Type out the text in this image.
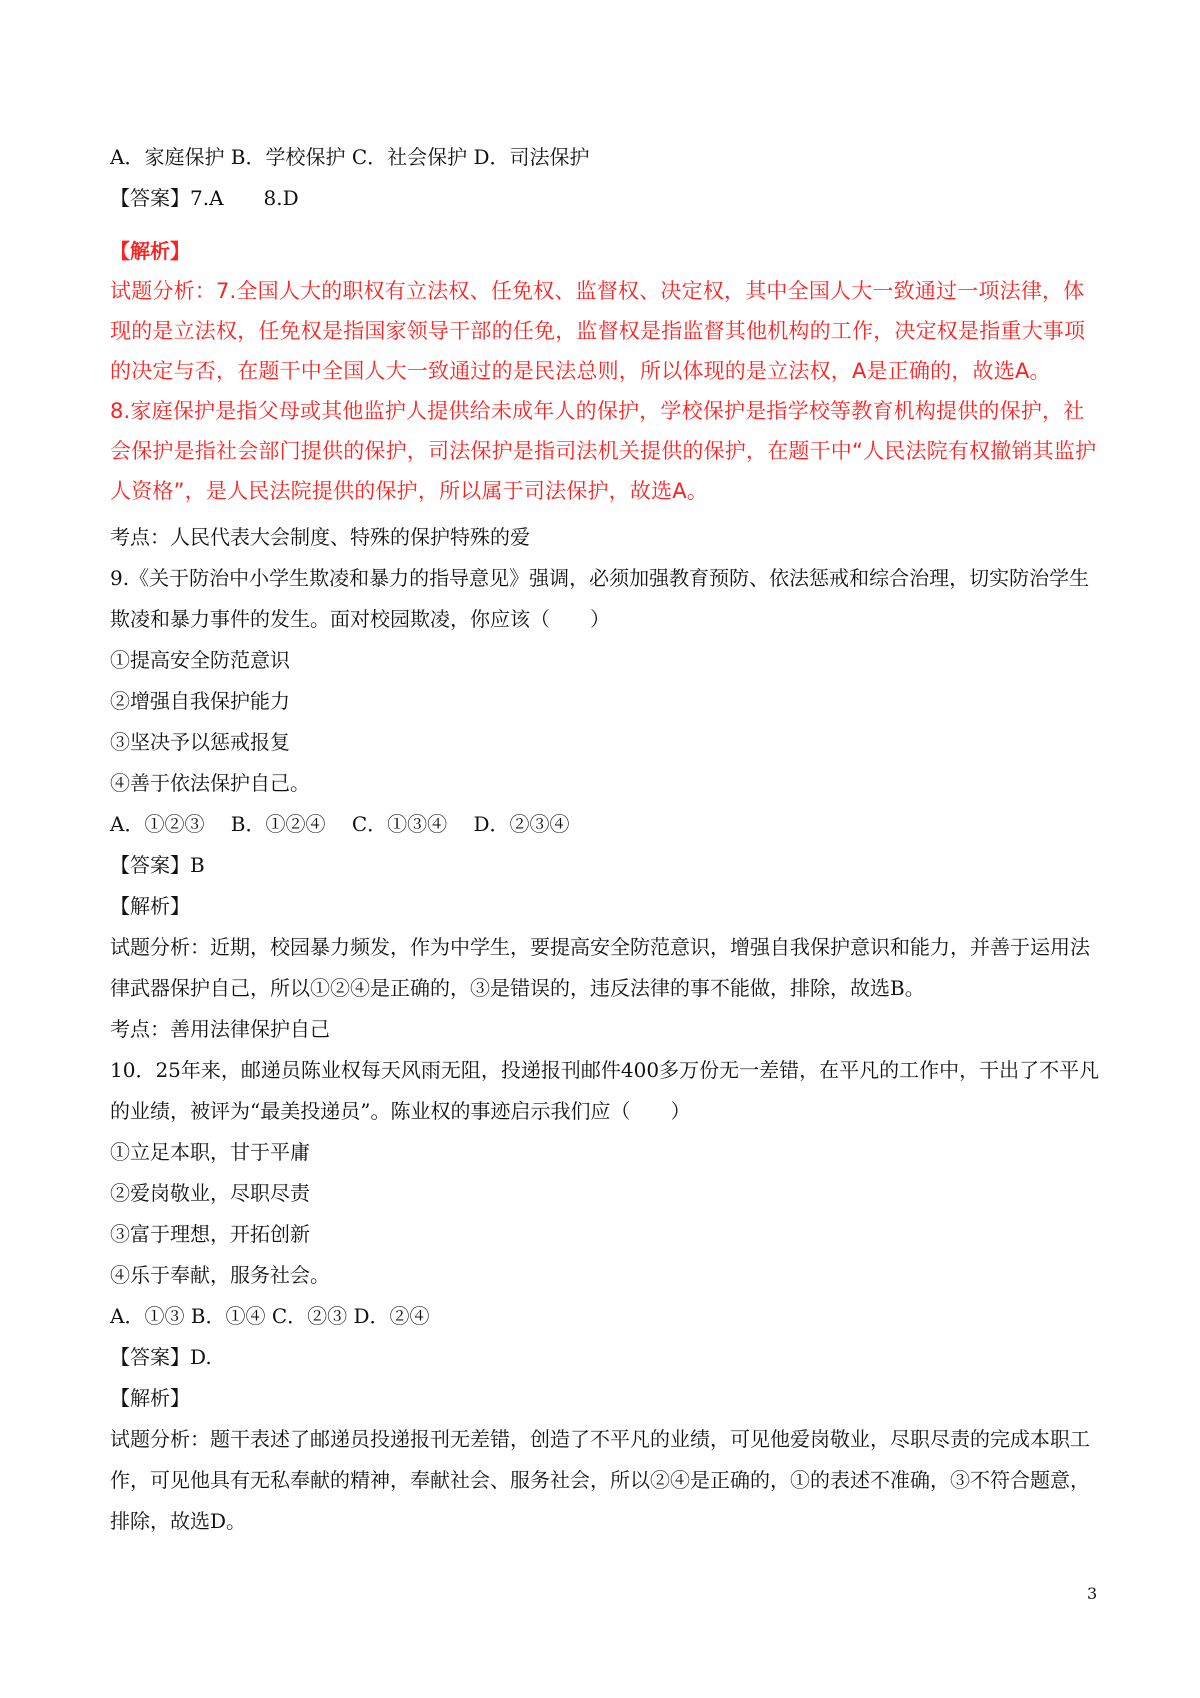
A．家庭保护 B．学校保护 C．社会保护 D．司法保护

【答案】7.A　　8.D

【解析】

试题分析：7.全国人大的职权有立法权、任免权、监督权、决定权，其中全国人大一致通过一项法律，体现的是立法权，任免权是指国家领导干部的任免，监督权是指监督其他机构的工作，决定权是指重大事项的决定与否，在题干中全国人大一致通过的是民法总则，所以体现的是立法权，A是正确的，故选A。

8.家庭保护是指父母或其他监护人提供给未成年人的保护，学校保护是指学校等教育机构提供的保护，社会保护是指社会部门提供的保护，司法保护是指司法机关提供的保护，在题干中“人民法院有权撤销其监护人资格”，是人民法院提供的保护，所以属于司法保护，故选A。

考点：人民代表大会制度、特殊的保护特殊的爱

9.《关于防治中小学生欺凌和暴力的指导意见》强调，必须加强教育预防、依法惩戒和综合治理，切实防治学生欺凌和暴力事件的发生。面对校园欺凌，你应该（　　）

①提高安全防范意识

②增强自我保护能力

③坚决予以惩戒报复

④善于依法保护自己。

A．①②③　 B．①②④　 C．①③④　 D．②③④

【答案】B

【解析】

试题分析：近期，校园暴力频发，作为中学生，要提高安全防范意识，增强自我保护意识和能力，并善于运用法律武器保护自己，所以①②④是正确的，③是错误的，违反法律的事不能做，排除，故选B。

考点：善用法律保护自己

10．25年来，邮递员陈业权每天风雨无阻，投递报刊邮件400多万份无一差错，在平凡的工作中，干出了不平凡的业绩，被评为“最美投递员”。陈业权的事迹启示我们应（　　）

①立足本职，甘于平庸

②爱岗敬业，尽职尽责

③富于理想，开拓创新

④乐于奉献，服务社会。

A．①③ B．①④ C．②③ D．②④

【答案】D.

【解析】

试题分析：题干表述了邮递员投递报刊无差错，创造了不平凡的业绩，可见他爱岗敬业，尽职尽责的完成本职工作，可见他具有无私奉献的精神，奉献社会、服务社会，所以②④是正确的，①的表述不准确，③不符合题意，排除，故选D。

3
